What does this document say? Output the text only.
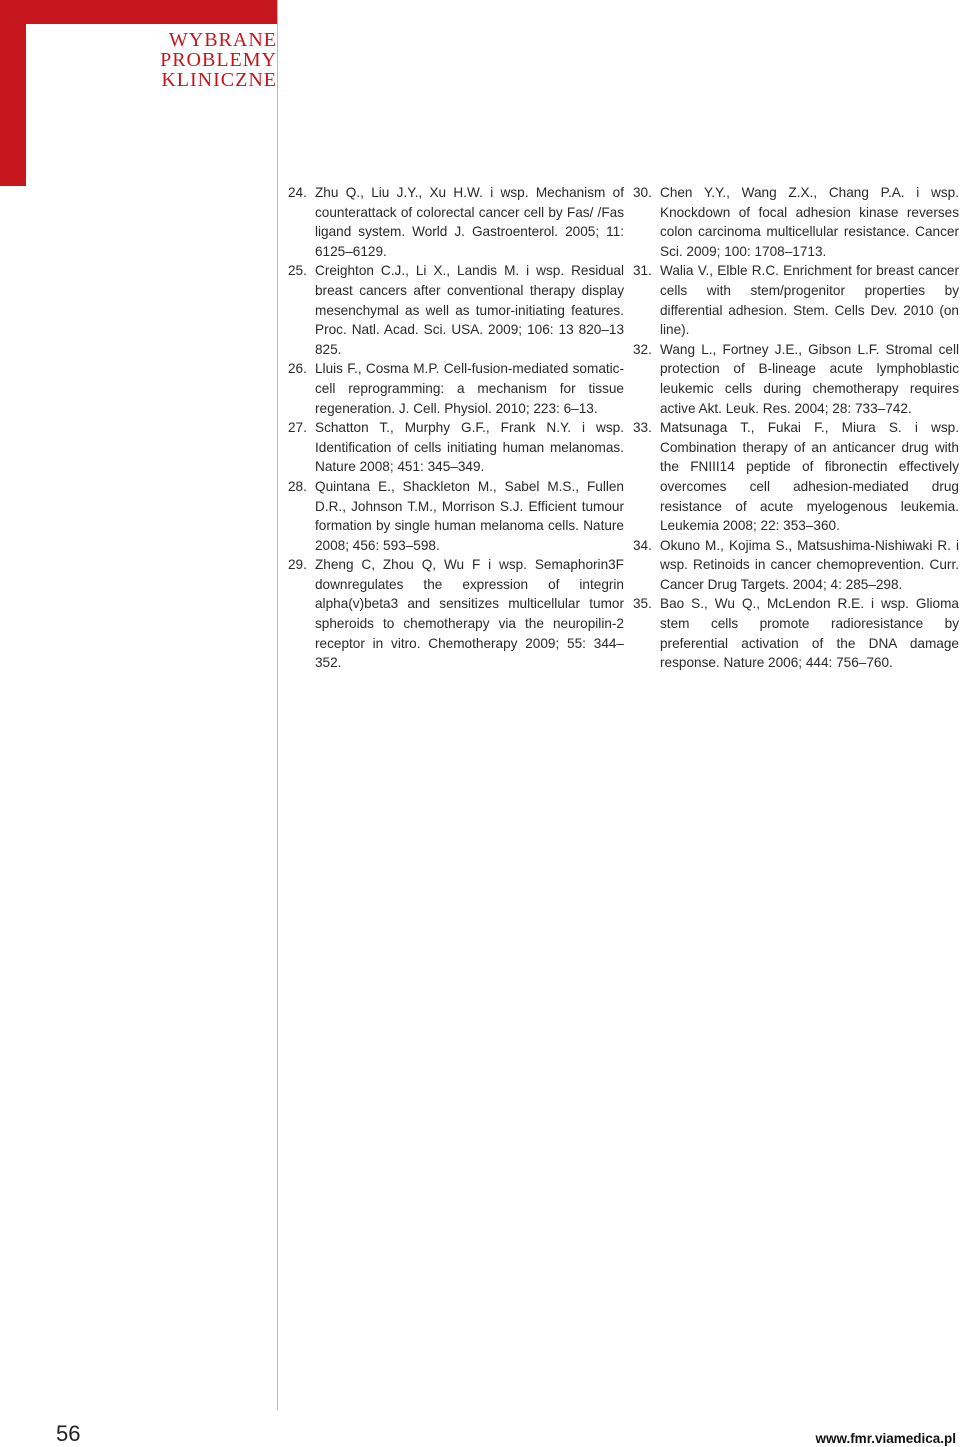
WYBRANE
PROBLEMY
KLINICZNE

24. Zhu Q., Liu J.Y., Xu H.W. i wsp. Mechanism of counterattack of colorectal cancer cell by Fas/ /Fas ligand system. World J. Gastroenterol. 2005; 11: 6125–6129.

25. Creighton C.J., Li X., Landis M. i wsp. Residual breast cancers after conventional therapy display mesenchymal as well as tumor-initiating features. Proc. Natl. Acad. Sci. USA. 2009; 106: 13 820–13 825.

26. Lluis F., Cosma M.P. Cell-fusion-mediated somatic-cell reprogramming: a mechanism for tissue regeneration. J. Cell. Physiol. 2010; 223: 6–13.

27. Schatton T., Murphy G.F., Frank N.Y. i wsp. Identification of cells initiating human melanomas. Nature 2008; 451: 345–349.

28. Quintana E., Shackleton M., Sabel M.S., Fullen D.R., Johnson T.M., Morrison S.J. Efficient tumour formation by single human melanoma cells. Nature 2008; 456: 593–598.

29. Zheng C, Zhou Q, Wu F i wsp. Semaphorin3F downregulates the expression of integrin alpha(v)beta3 and sensitizes multicellular tumor spheroids to chemotherapy via the neuropilin-2 receptor in vitro. Chemotherapy 2009; 55: 344–352.

30. Chen Y.Y., Wang Z.X., Chang P.A. i wsp. Knockdown of focal adhesion kinase reverses colon carcinoma multicellular resistance. Cancer Sci. 2009; 100: 1708–1713.

31. Walia V., Elble R.C. Enrichment for breast cancer cells with stem/progenitor properties by differential adhesion. Stem. Cells Dev. 2010 (on line).

32. Wang L., Fortney J.E., Gibson L.F. Stromal cell protection of B-lineage acute lymphoblastic leukemic cells during chemotherapy requires active Akt. Leuk. Res. 2004; 28: 733–742.

33. Matsunaga T., Fukai F., Miura S. i wsp. Combination therapy of an anticancer drug with the FNIII14 peptide of fibronectin effectively overcomes cell adhesion-mediated drug resistance of acute myelogenous leukemia. Leukemia 2008; 22: 353–360.

34. Okuno M., Kojima S., Matsushima-Nishiwaki R. i wsp. Retinoids in cancer chemoprevention. Curr. Cancer Drug Targets. 2004; 4: 285–298.

35. Bao S., Wu Q., McLendon R.E. i wsp. Glioma stem cells promote radioresistance by preferential activation of the DNA damage response. Nature 2006; 444: 756–760.

56	www.fmr.viamedica.pl
